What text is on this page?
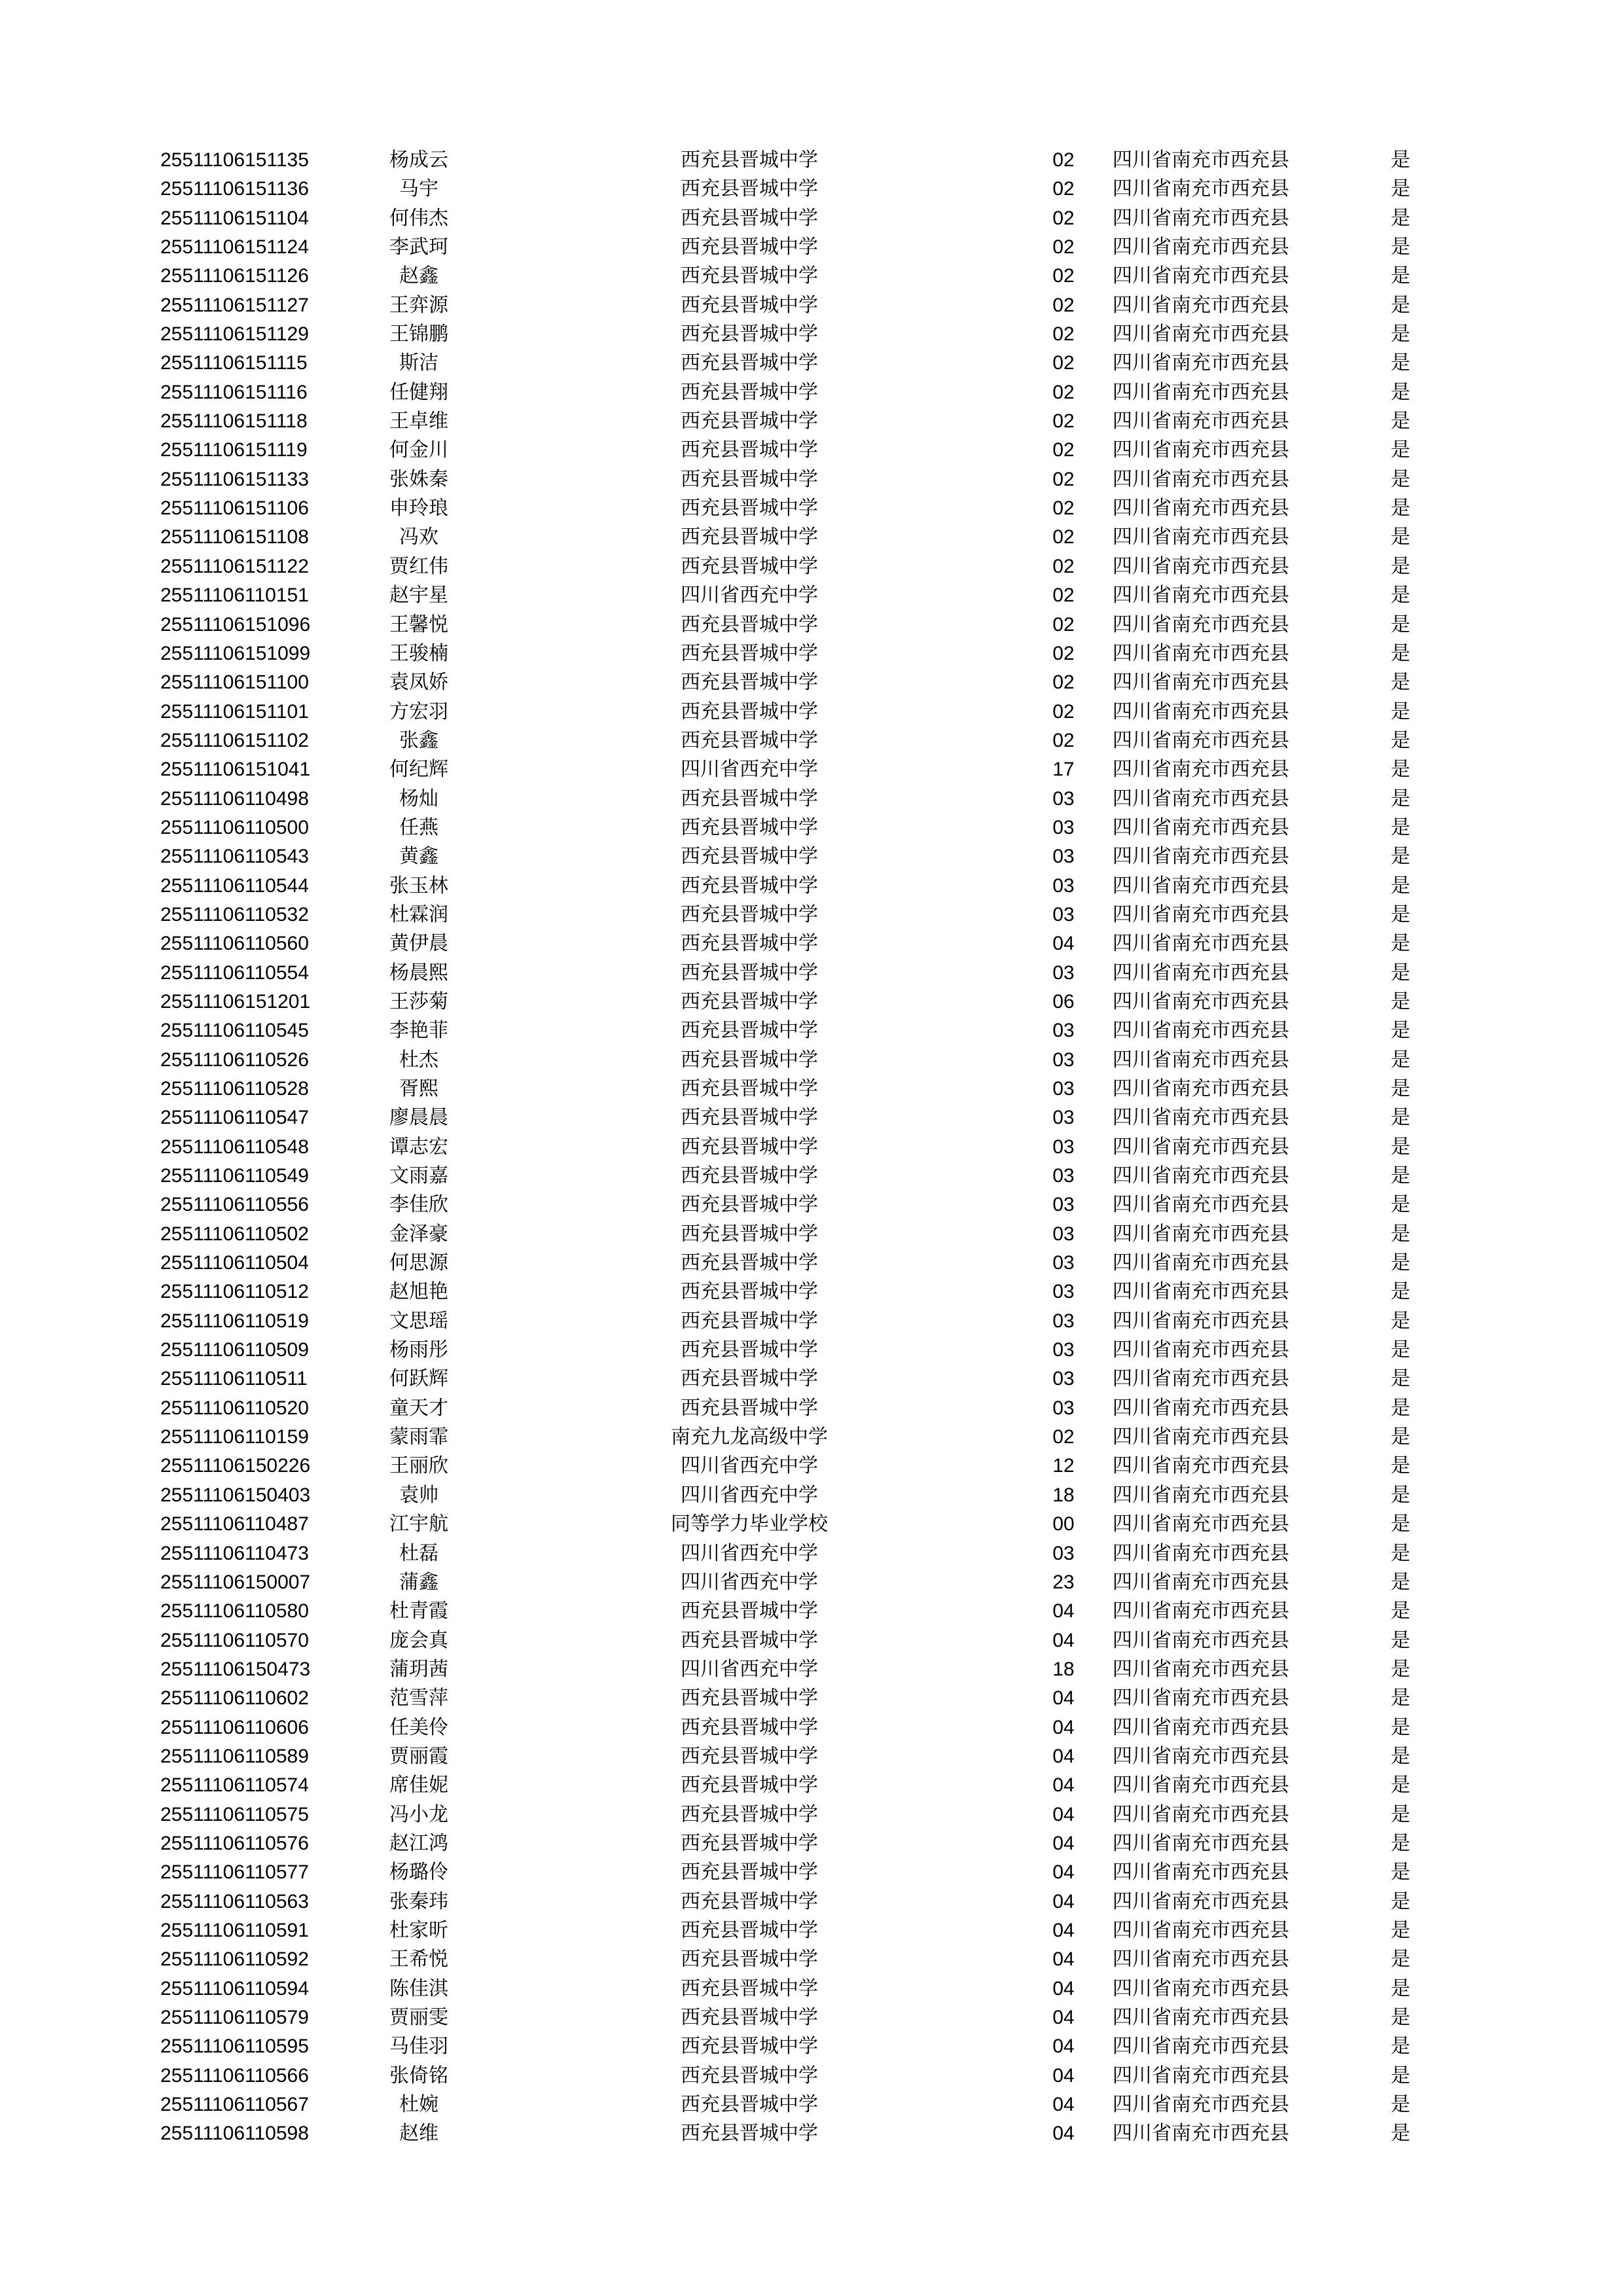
25511106151135	杨成云	西充县晋城中学	02	四川省南充市西充县	是
25511106151136	马宇	西充县晋城中学	02	四川省南充市西充县	是
25511106151104	何伟杰	西充县晋城中学	02	四川省南充市西充县	是
25511106151124	李武珂	西充县晋城中学	02	四川省南充市西充县	是
25511106151126	赵鑫	西充县晋城中学	02	四川省南充市西充县	是
25511106151127	王弈源	西充县晋城中学	02	四川省南充市西充县	是
25511106151129	王锦鹏	西充县晋城中学	02	四川省南充市西充县	是
25511106151115	斯洁	西充县晋城中学	02	四川省南充市西充县	是
25511106151116	任健翔	西充县晋城中学	02	四川省南充市西充县	是
25511106151118	王卓维	西充县晋城中学	02	四川省南充市西充县	是
25511106151119	何金川	西充县晋城中学	02	四川省南充市西充县	是
25511106151133	张姝秦	西充县晋城中学	02	四川省南充市西充县	是
25511106151106	申玲琅	西充县晋城中学	02	四川省南充市西充县	是
25511106151108	冯欢	西充县晋城中学	02	四川省南充市西充县	是
25511106151122	贾红伟	西充县晋城中学	02	四川省南充市西充县	是
25511106110151	赵宇星	四川省西充中学	02	四川省南充市西充县	是
25511106151096	王馨悦	西充县晋城中学	02	四川省南充市西充县	是
25511106151099	王骏楠	西充县晋城中学	02	四川省南充市西充县	是
25511106151100	袁凤娇	西充县晋城中学	02	四川省南充市西充县	是
25511106151101	方宏羽	西充县晋城中学	02	四川省南充市西充县	是
25511106151102	张鑫	西充县晋城中学	02	四川省南充市西充县	是
25511106151041	何纪辉	四川省西充中学	17	四川省南充市西充县	是
25511106110498	杨灿	西充县晋城中学	03	四川省南充市西充县	是
25511106110500	任燕	西充县晋城中学	03	四川省南充市西充县	是
25511106110543	黄鑫	西充县晋城中学	03	四川省南充市西充县	是
25511106110544	张玉林	西充县晋城中学	03	四川省南充市西充县	是
25511106110532	杜霖润	西充县晋城中学	03	四川省南充市西充县	是
25511106110560	黄伊晨	西充县晋城中学	04	四川省南充市西充县	是
25511106110554	杨晨熙	西充县晋城中学	03	四川省南充市西充县	是
25511106151201	王莎菊	西充县晋城中学	06	四川省南充市西充县	是
25511106110545	李艳菲	西充县晋城中学	03	四川省南充市西充县	是
25511106110526	杜杰	西充县晋城中学	03	四川省南充市西充县	是
25511106110528	胥熙	西充县晋城中学	03	四川省南充市西充县	是
25511106110547	廖晨晨	西充县晋城中学	03	四川省南充市西充县	是
25511106110548	谭志宏	西充县晋城中学	03	四川省南充市西充县	是
25511106110549	文雨嘉	西充县晋城中学	03	四川省南充市西充县	是
25511106110556	李佳欣	西充县晋城中学	03	四川省南充市西充县	是
25511106110502	金泽豪	西充县晋城中学	03	四川省南充市西充县	是
25511106110504	何思源	西充县晋城中学	03	四川省南充市西充县	是
25511106110512	赵旭艳	西充县晋城中学	03	四川省南充市西充县	是
25511106110519	文思瑶	西充县晋城中学	03	四川省南充市西充县	是
25511106110509	杨雨彤	西充县晋城中学	03	四川省南充市西充县	是
25511106110511	何跃辉	西充县晋城中学	03	四川省南充市西充县	是
25511106110520	童天才	西充县晋城中学	03	四川省南充市西充县	是
25511106110159	蒙雨霏	南充九龙高级中学	02	四川省南充市西充县	是
25511106150226	王丽欣	四川省西充中学	12	四川省南充市西充县	是
25511106150403	袁帅	四川省西充中学	18	四川省南充市西充县	是
25511106110487	江宇航	同等学力毕业学校	00	四川省南充市西充县	是
25511106110473	杜磊	四川省西充中学	03	四川省南充市西充县	是
25511106150007	蒲鑫	四川省西充中学	23	四川省南充市西充县	是
25511106110580	杜青霞	西充县晋城中学	04	四川省南充市西充县	是
25511106110570	庞会真	西充县晋城中学	04	四川省南充市西充县	是
25511106150473	蒲玥茜	四川省西充中学	18	四川省南充市西充县	是
25511106110602	范雪萍	西充县晋城中学	04	四川省南充市西充县	是
25511106110606	任美伶	西充县晋城中学	04	四川省南充市西充县	是
25511106110589	贾丽霞	西充县晋城中学	04	四川省南充市西充县	是
25511106110574	席佳妮	西充县晋城中学	04	四川省南充市西充县	是
25511106110575	冯小龙	西充县晋城中学	04	四川省南充市西充县	是
25511106110576	赵江鸿	西充县晋城中学	04	四川省南充市西充县	是
25511106110577	杨璐伶	西充县晋城中学	04	四川省南充市西充县	是
25511106110563	张秦玮	西充县晋城中学	04	四川省南充市西充县	是
25511106110591	杜家昕	西充县晋城中学	04	四川省南充市西充县	是
25511106110592	王希悦	西充县晋城中学	04	四川省南充市西充县	是
25511106110594	陈佳淇	西充县晋城中学	04	四川省南充市西充县	是
25511106110579	贾丽雯	西充县晋城中学	04	四川省南充市西充县	是
25511106110595	马佳羽	西充县晋城中学	04	四川省南充市西充县	是
25511106110566	张倚铭	西充县晋城中学	04	四川省南充市西充县	是
25511106110567	杜婉	西充县晋城中学	04	四川省南充市西充县	是
25511106110598	赵维	西充县晋城中学	04	四川省南充市西充县	是
